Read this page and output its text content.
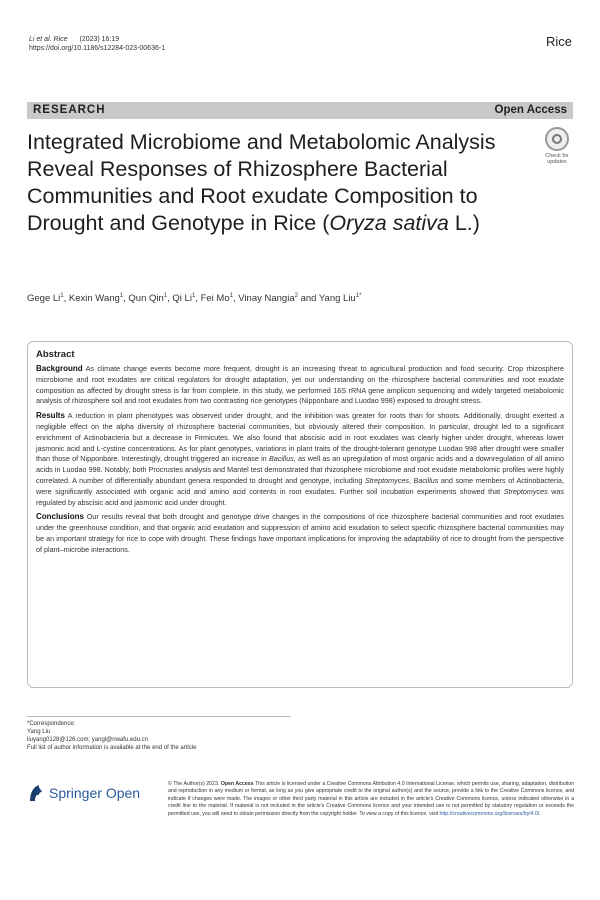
Li et al. Rice (2023) 16:19
https://doi.org/10.1186/s12284-023-00636-1	Rice
RESEARCH	Open Access
Check for
updates
Integrated Microbiome and Metabolomic Analysis Reveal Responses of Rhizosphere Bacterial Communities and Root exudate Composition to Drought and Genotype in Rice (Oryza sativa L.)
Gege Li$^1$, Kexin Wang$^1$, Qun Qin$^1$, Qi Li$^1$, Fei Mo$^1$, Vinay Nangia$^2$ and Yang Liu$^{1*}$
Abstract

Background As climate change events become more frequent, drought is an increasing threat to agricultural production and food security. Crop rhizosphere microbiome and root exudates are critical regulators for drought adaptation, yet our understanding on the rhizosphere bacterial communities and root exudate composition as affected by drought stress is far from complete. In this study, we performed 16S rRNA gene amplicon sequencing and widely targeted metabolomic analysis of rhizosphere soil and root exudates from two contrasting rice genotypes (Nipponbare and Luodao 998) exposed to drought stress.

Results A reduction in plant phenotypes was observed under drought, and the inhibition was greater for roots than for shoots. Additionally, drought exerted a negligible effect on the alpha diversity of rhizosphere bacterial communities, but obviously altered their composition. In particular, drought led to a significant enrichment of Actinobacteria but a decrease in Firmicutes. We also found that abscisic acid in root exudates was clearly higher under drought, whereas lower jasmonic acid and L-cystine concentrations. As for plant genotypes, variations in plant traits of the drought-tolerant genotype Luodao 998 after drought were smaller than those of Nipponbare. Interestingly, drought triggered an increase in Bacillus, as well as an upregulation of most organic acids and a downregulation of all amino acids in Luodao 998. Notably, both Procrustes analysis and Mantel test demonstrated that rhizosphere microbiome and root exudate metabolomic profiles were highly correlated. A number of differentially abundant genera responded to drought and genotype, including Streptomyces, Bacillus and some members of Actinobacteria, were significantly associated with organic acid and amino acid contents in root exudates. Further soil incubation experiments showed that Streptomyces was regulated by abscisic acid and jasmonic acid under drought.

Conclusions Our results reveal that both drought and genotype drive changes in the compositions of rice rhizosphere bacterial communities and root exudates under the greenhouse condition, and that organic acid exudation and suppression of amino acid exudation to select specific rhizosphere bacterial communities may be an important strategy for rice to cope with drought. These findings have important implications for improving the adaptability of rice to drought from the perspective of plant–microbe interactions.

*Correspondence:
Yang Liu
liuyang0128@126.com; yangl@nwafu.edu.cn
Full list of author information is available at the end of the article
Springer Open
© The Author(s) 2023. Open Access This article is licensed under a Creative Commons Attribution 4.0 International License, which permits use, sharing, adaptation, distribution and reproduction in any medium or format, as long as you give appropriate credit to the original author(s) and the source, provide a link to the Creative Commons licence, and indicate if changes were made. The images or other third party material in this article are included in the article's Creative Commons licence, unless indicated otherwise in a credit line to the material. If material is not included in the article's Creative Commons licence and your intended use is not permitted by statutory regulation or exceeds the permitted use, you will need to obtain permission directly from the copyright holder. To view a copy of this licence, visit http://creativecommons.org/licenses/by/4.0/.
